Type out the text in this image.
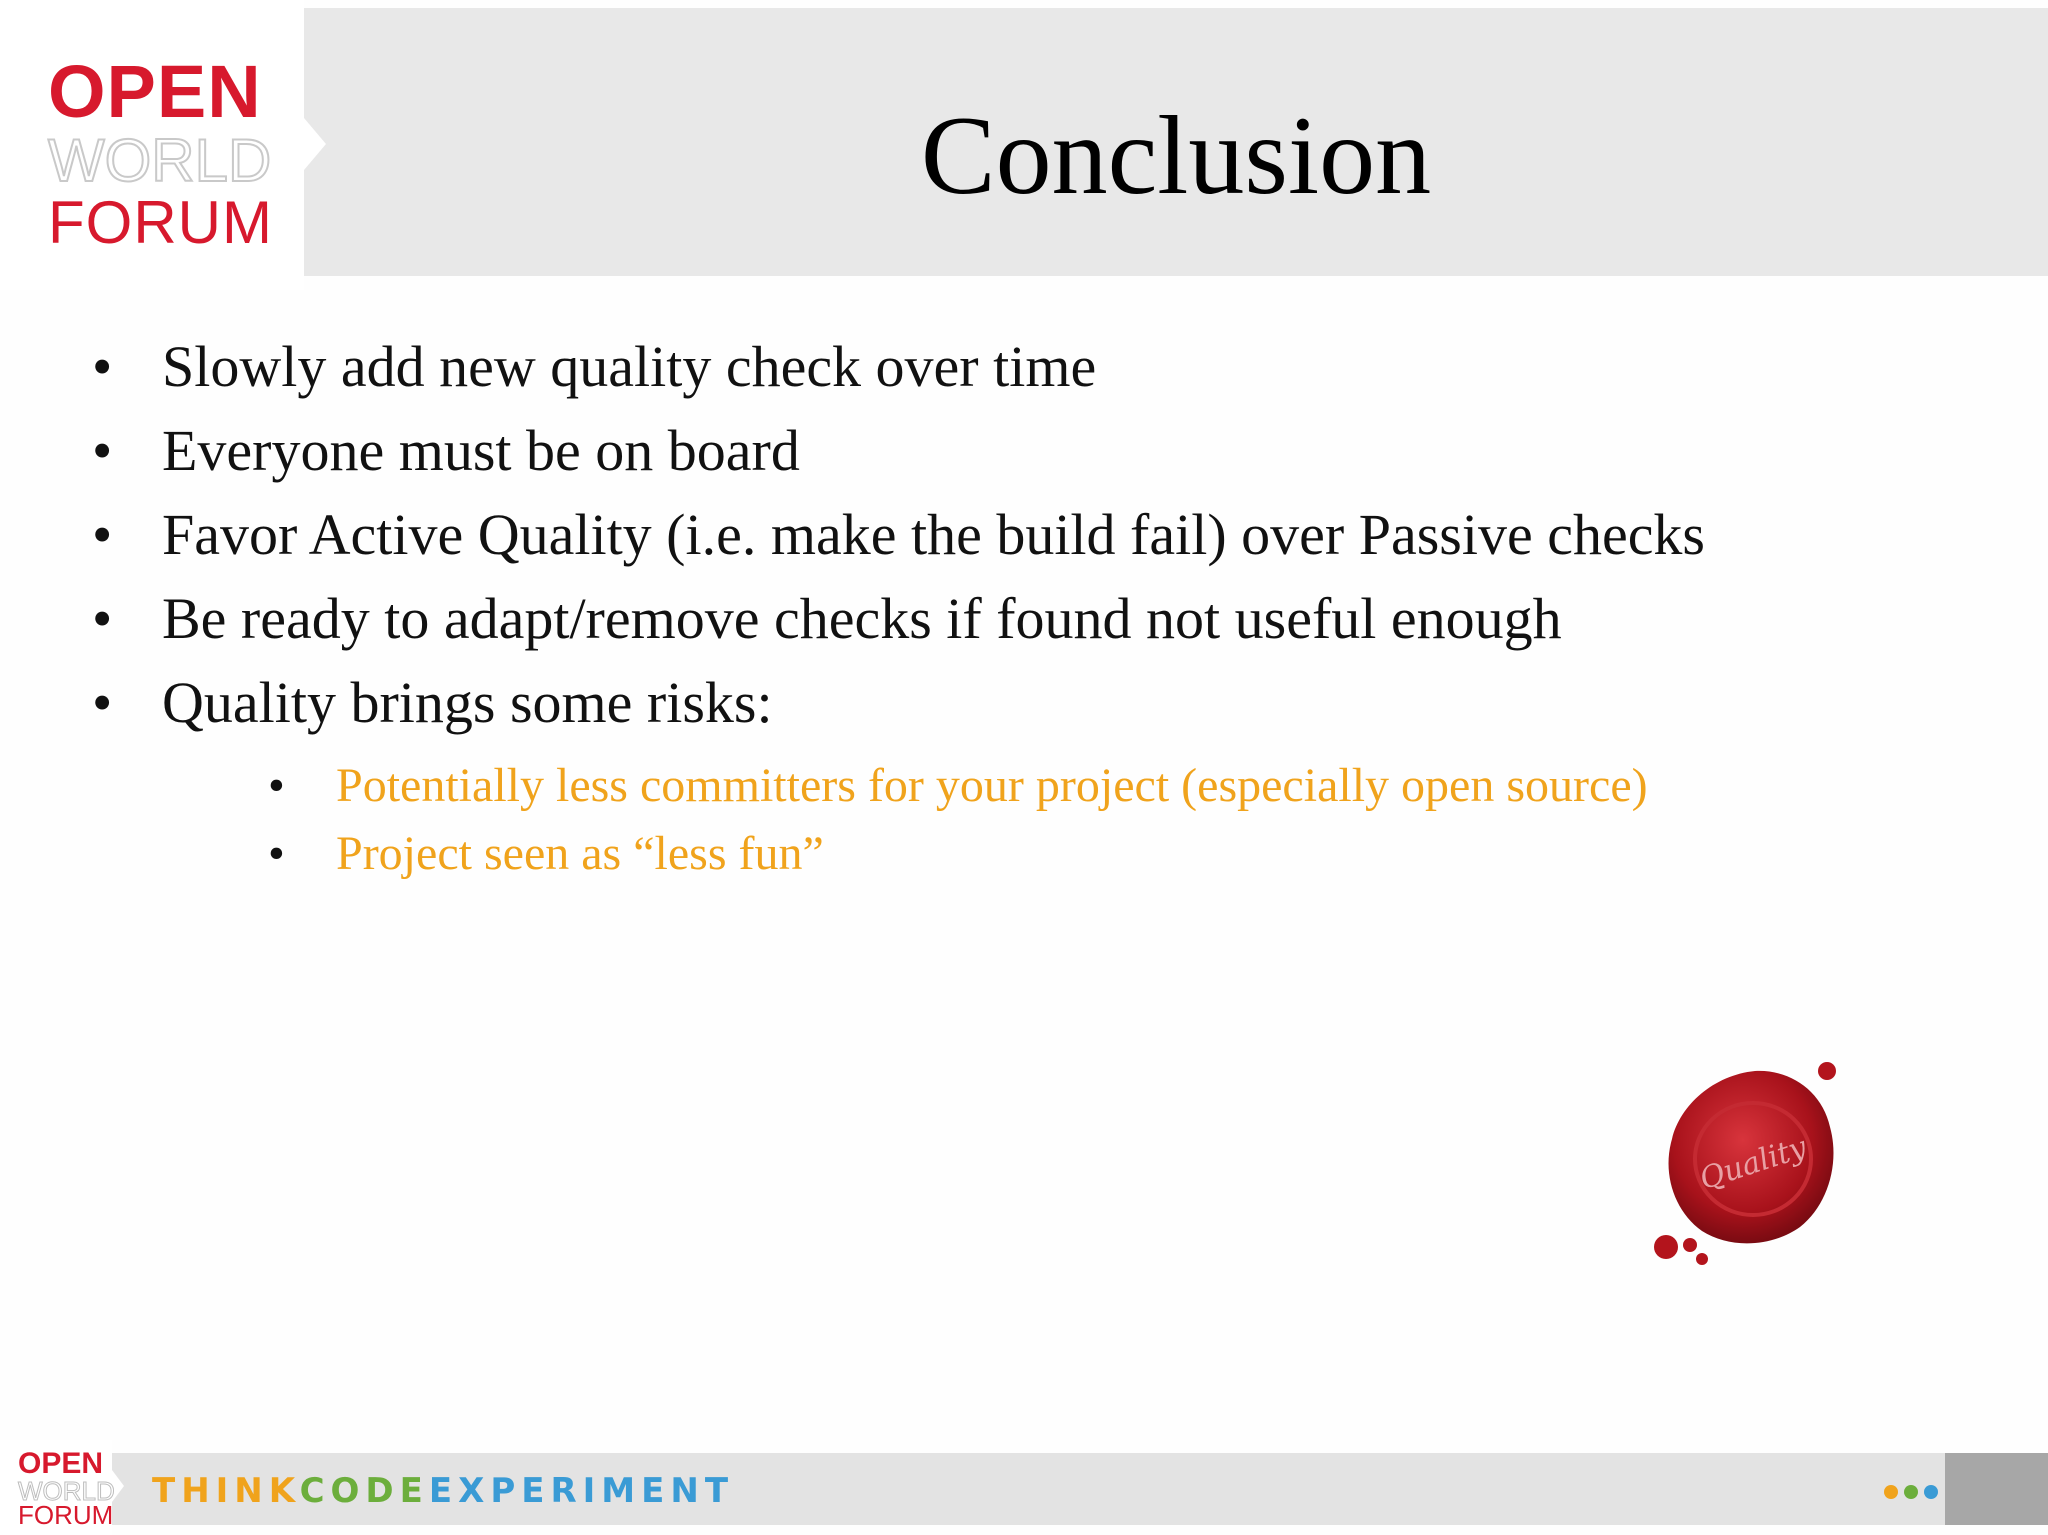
OPEN
WORLD
FORUM
Conclusion
• Slowly add new quality check over time
• Everyone must be on board
• Favor Active Quality (i.e. make the build fail) over Passive checks
• Be ready to adapt/remove checks if found not useful enough
• Quality brings some risks:
• Potentially less committers for your project (especially open source)
• Project seen as “less fun”
Quality
OPEN
WORLD
FORUM
THINKCODEEXPERIMENT
